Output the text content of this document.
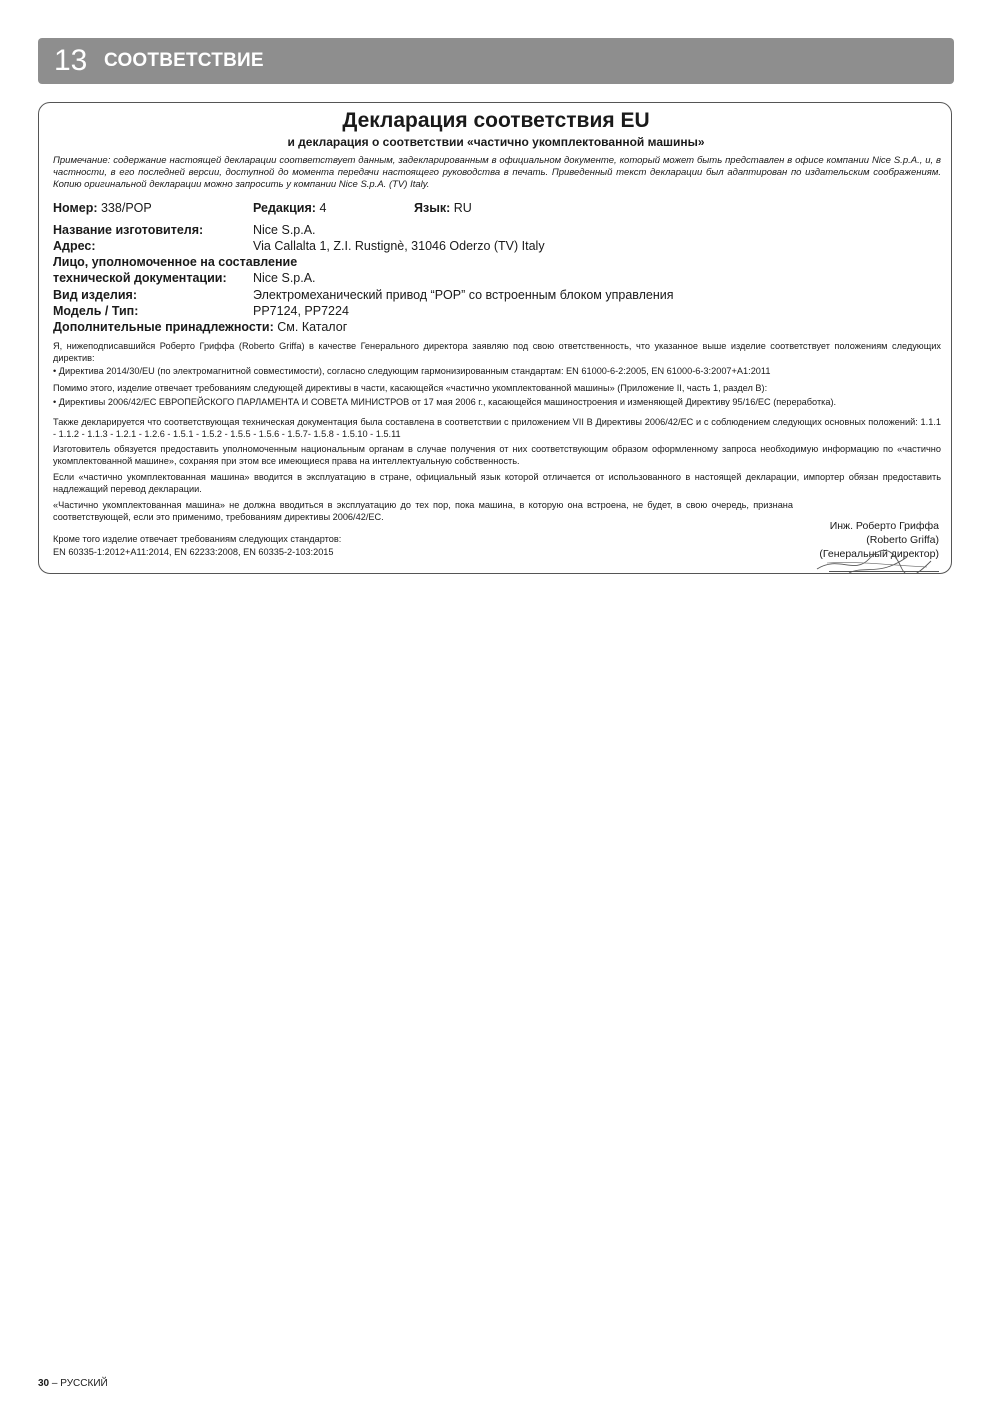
13 СООТВЕТСТВИЕ
Декларация соответствия EU
и декларация о соответствии «частично укомплектованной машины»
Примечание: содержание настоящей декларации соответствует данным, задекларированным в официальном документе, который может быть представлен в офисе компании Nice S.p.A., и, в частности, в его последней версии, доступной до момента передачи настоящего руководства в печать. Приведенный текст декларации был адаптирован по издательским соображениям. Копию оригинальной декларации можно запросить у компании Nice S.p.A. (TV) Italy.
Номер: 338/POP	Редакция: 4	Язык: RU
Название изготовителя:	Nice S.p.A.
Адрес:	Via Callalta 1, Z.I. Rustignè, 31046 Oderzo (TV) Italy
Лицо, уполномоченное на составление
технической документации: Nice S.p.A.
Вид изделия:	Электромеханический привод “POP” со встроенным блоком управления
Модель / Тип:	PP7124, PP7224
Дополнительные принадлежности: См. Каталог
Я, нижеподписавшийся Роберто Гриффа (Roberto Griffa) в качестве Генерального директора заявляю под свою ответственность, что указанное выше изделие соответствует положениям следующих директив:
• Директива 2014/30/EU (по электромагнитной совместимости), согласно следующим гармонизированным стандартам: EN 61000-6-2:2005, EN 61000-6-3:2007+A1:2011
Помимо этого, изделие отвечает требованиям следующей директивы в части, касающейся «частично укомплектованной машины» (Приложение II, часть 1, раздел B):
• Директивы 2006/42/EC ЕВРОПЕЙСКОГО ПАРЛАМЕНТА И СОВЕТА МИНИСТРОВ от 17 мая 2006 г., касающейся машиностроения и изменяющей Директиву 95/16/EC (переработка).
Также декларируется что соответствующая техническая документация была составлена в соответствии с приложением VII B Директивы 2006/42/EC и с соблюдением следующих основных положений: 1.1.1 - 1.1.2 - 1.1.3 - 1.2.1 - 1.2.6 - 1.5.1 - 1.5.2 - 1.5.5 - 1.5.6 - 1.5.7- 1.5.8 - 1.5.10 - 1.5.11
Изготовитель обязуется предоставить уполномоченным национальным органам в случае получения от них соответствующим образом оформленному запроса необходимую информацию по «частично укомплектованной машине», сохраняя при этом все имеющиеся права на интеллектуальную собственность.
Если «частично укомплектованная машина» вводится в эксплуатацию в стране, официальный язык которой отличается от использованного в настоящей декларации, импортер обязан предоставить надлежащий перевод декларации.
«Частично укомплектованная машина» не должна вводиться в эксплуатацию до тех пор, пока машина, в которую она встроена, не будет, в свою очередь, признана соответствующей, если это применимо, требованиям директивы 2006/42/EC.
Кроме того изделие отвечает требованиям следующих стандартов:
EN 60335-1:2012+A11:2014, EN 62233:2008, EN 60335-2-103:2015
Инж. Роберто Гриффа
(Roberto Griffa)
(Генеральный директор)
30 – РУССКИЙ
